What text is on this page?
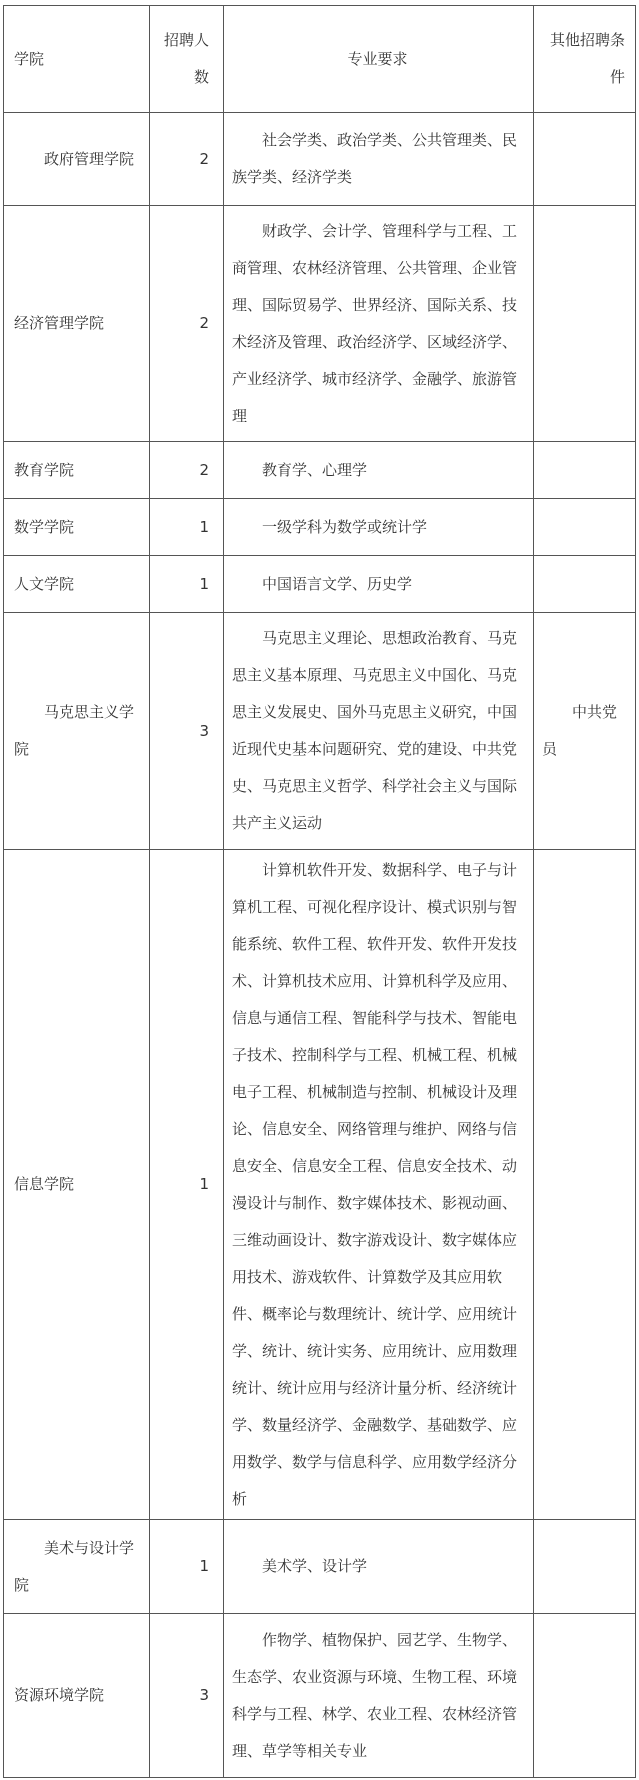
学院	招聘人数	专业要求	其他招聘条件
政府管理学院	2	社会学类、政治学类、公共管理类、民族学类、经济学类	
经济管理学院	2	财政学、会计学、管理科学与工程、工商管理、农林经济管理、公共管理、企业管理、国际贸易学、世界经济、国际关系、技术经济及管理、政治经济学、区域经济学、产业经济学、城市经济学、金融学、旅游管理	
教育学院	2	教育学、心理学	
数学学院	1	一级学科为数学或统计学	
人文学院	1	中国语言文学、历史学	
马克思主义学院	3	马克思主义理论、思想政治教育、马克思主义基本原理、马克思主义中国化、马克思主义发展史、国外马克思主义研究，中国近现代史基本问题研究、党的建设、中共党史、马克思主义哲学、科学社会主义与国际共产主义运动	中共党员
信息学院	1	计算机软件开发、数据科学、电子与计算机工程、可视化程序设计、模式识别与智能系统、软件工程、软件开发、软件开发技术、计算机技术应用、计算机科学及应用、信息与通信工程、智能科学与技术、智能电子技术、控制科学与工程、机械工程、机械电子工程、机械制造与控制、机械设计及理论、信息安全、网络管理与维护、网络与信息安全、信息安全工程、信息安全技术、动漫设计与制作、数字媒体技术、影视动画、三维动画设计、数字游戏设计、数字媒体应用技术、游戏软件、计算数学及其应用软件、概率论与数理统计、统计学、应用统计学、统计、统计实务、应用统计、应用数理统计、统计应用与经济计量分析、经济统计学、数量经济学、金融数学、基础数学、应用数学、数学与信息科学、应用数学经济分析	
美术与设计学院	1	美术学、设计学	
资源环境学院	3	作物学、植物保护、园艺学、生物学、生态学、农业资源与环境、生物工程、环境科学与工程、林学、农业工程、农林经济管理、草学等相关专业	
